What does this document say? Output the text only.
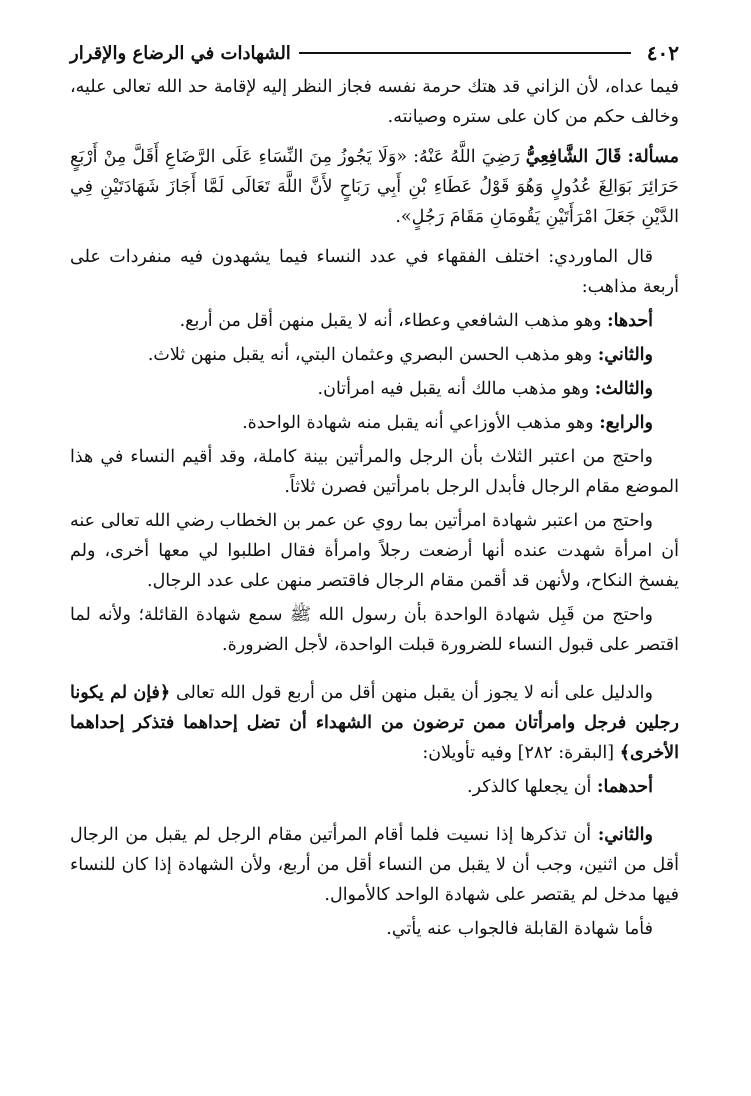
٤٠٢
الشهادات في الرضاع والإقرار

فيما عداه، لأن الزاني قد هتك حرمة نفسه فجاز النظر إليه لإقامة حد الله تعالى عليه، وخالف حكم من كان على ستره وصيانته.

مسألة: قَالَ الشَّافِعِيُّ رَضِيَ اللَّهُ عَنْهُ: «وَلَا يَجُوزُ مِنَ النِّسَاءِ عَلَى الرَّضَاعِ أَقَلَّ مِنْ أَرْبَعٍ حَرَائِرَ بَوَالِغَ عُدُولٍ وَهُوَ قَوْلُ عَطَاءِ بْنِ أَبِي رَبَاحٍ لأَنَّ اللَّهَ تَعَالَى لَمَّا أَجَازَ شَهَادَتَيْنِ فِي الدَّيْنِ جَعَلَ امْرَأَتَيْنِ يَقُومَانِ مَقَامَ رَجُلٍ».

قال الماوردي: اختلف الفقهاء في عدد النساء فيما يشهدون فيه منفردات على أربعة مذاهب:

أحدها: وهو مذهب الشافعي وعطاء، أنه لا يقبل منهن أقل من أربع.

والثاني: وهو مذهب الحسن البصري وعثمان البتي، أنه يقبل منهن ثلاث.

والثالث: وهو مذهب مالك أنه يقبل فيه امرأتان.

والرابع: وهو مذهب الأوزاعي أنه يقبل منه شهادة الواحدة.

واحتج من اعتبر الثلاث بأن الرجل والمرأتين بينة كاملة، وقد أقيم النساء في هذا الموضع مقام الرجال فأبدل الرجل بامرأتين فصرن ثلاثاً.

واحتج من اعتبر شهادة امرأتين بما روي عن عمر بن الخطاب رضي الله تعالى عنه أن امرأة شهدت عنده أنها أرضعت رجلاً وامرأة فقال اطلبوا لي معها أخرى، ولم يفسخ النكاح، ولأنهن قد أقمن مقام الرجال فاقتصر منهن على عدد الرجال.

واحتج من قَبِل شهادة الواحدة بأن رسول الله ﷺ سمع شهادة القائلة؛ ولأنه لما اقتصر على قبول النساء للضرورة قبلت الواحدة، لأجل الضرورة.

والدليل على أنه لا يجوز أن يقبل منهن أقل من أربع قول الله تعالى ﴿فإن لم يكونا رجلين فرجل وامرأتان ممن ترضون من الشهداء أن تضل إحداهما فتذكر إحداهما الأخرى﴾ [البقرة: ٢٨٢] وفيه تأويلان:

أحدهما: أن يجعلها كالذكر.

والثاني: أن تذكرها إذا نسيت فلما أقام المرأتين مقام الرجل لم يقبل من الرجال أقل من اثنين، وجب أن لا يقبل من النساء أقل من أربع، ولأن الشهادة إذا كان للنساء فيها مدخل لم يقتصر على شهادة الواحد كالأموال.

فأما شهادة القابلة فالجواب عنه يأتي.
